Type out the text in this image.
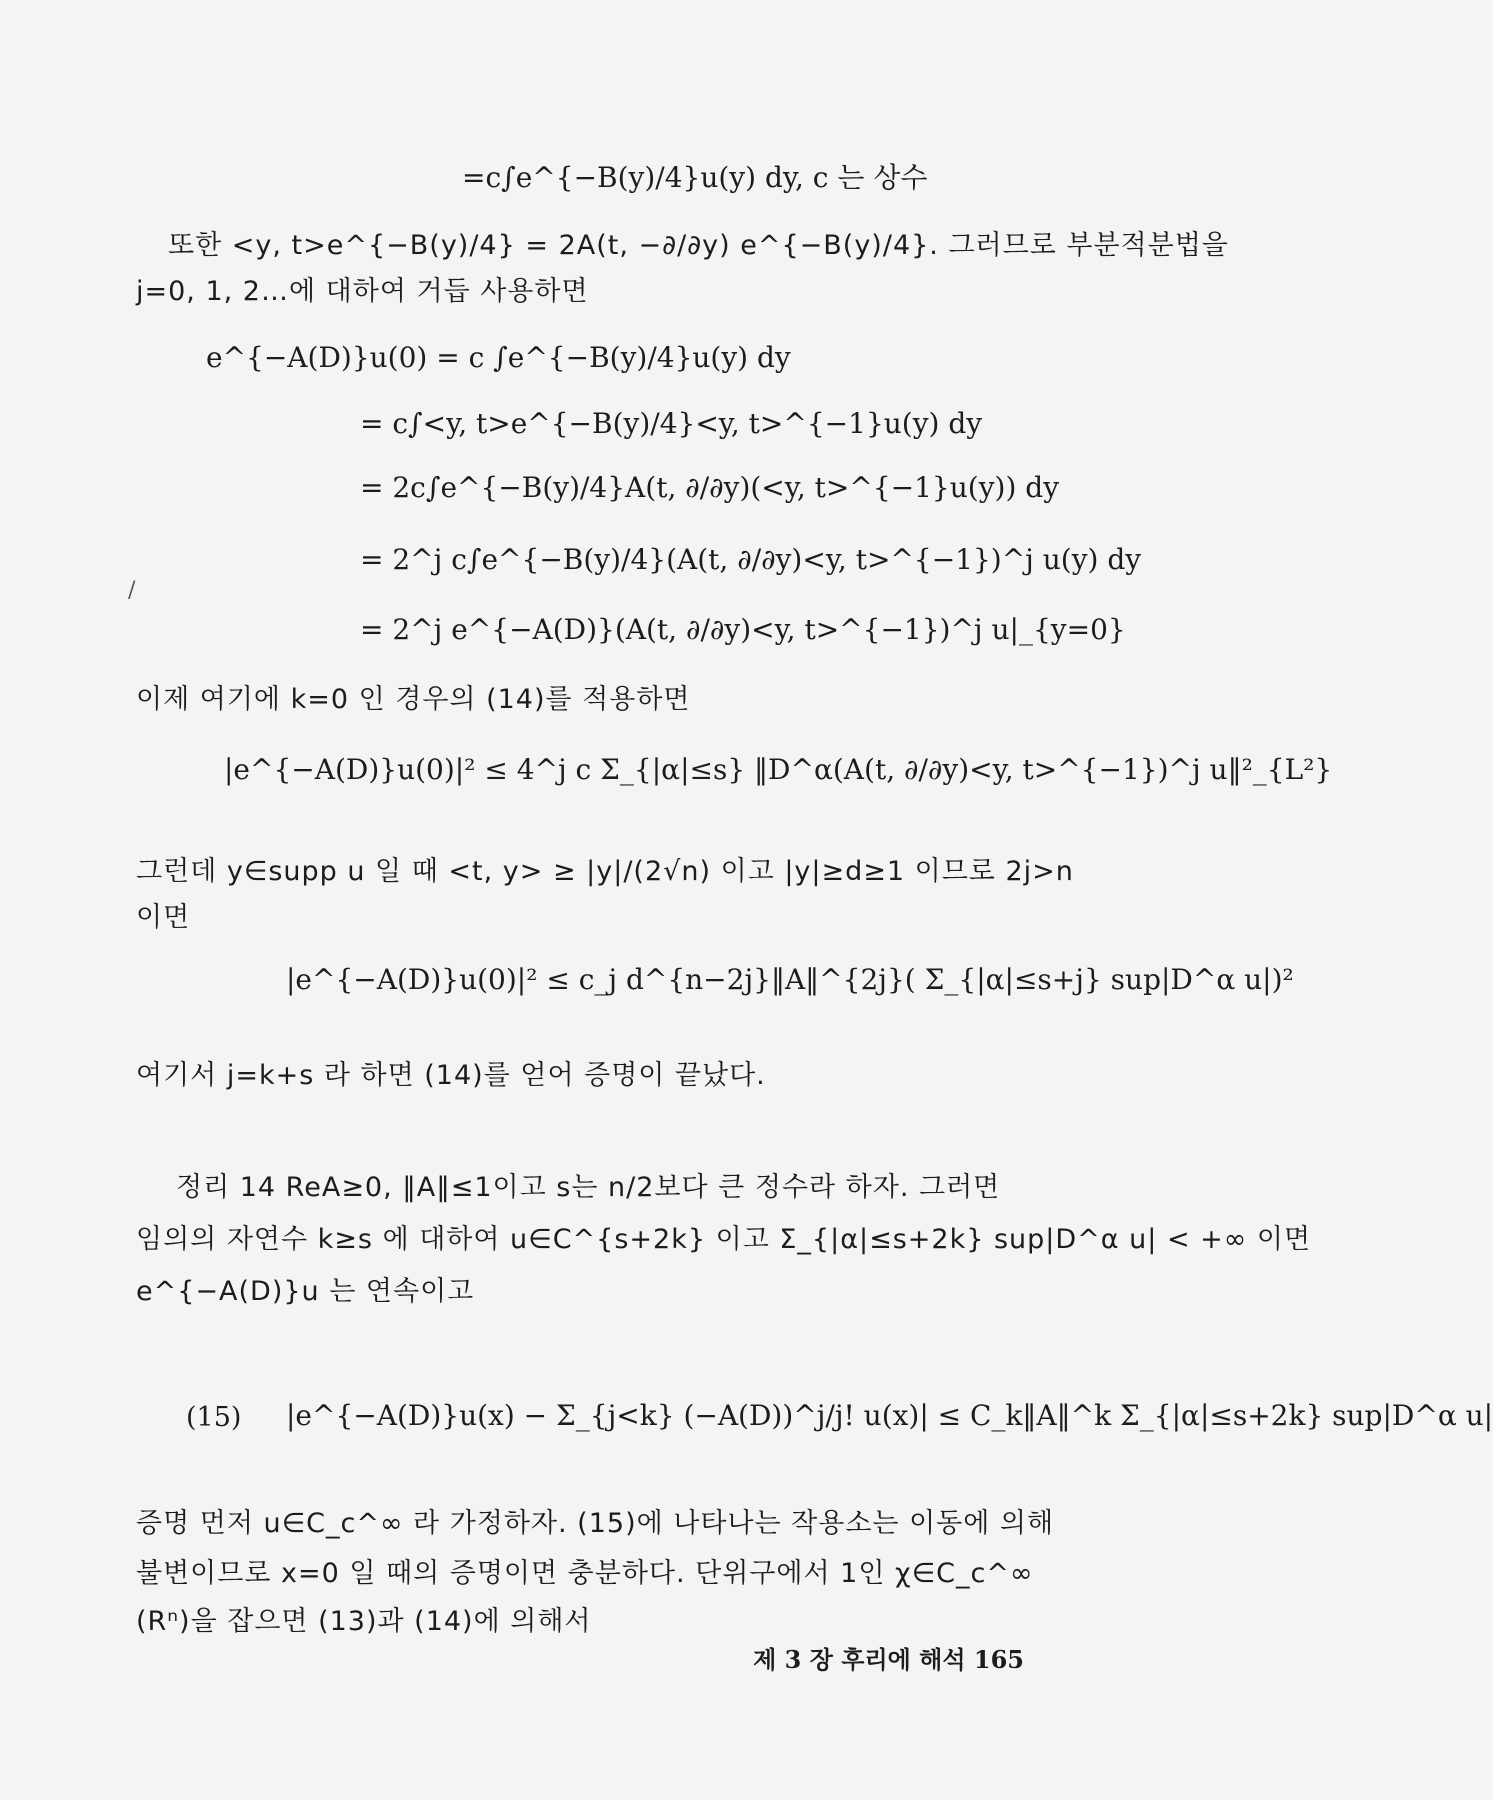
=c∫e^{−B(y)/4}u(y) dy, c 는 상수
또한 <y, t>e^{−B(y)/4} = 2A(t, −∂/∂y) e^{−B(y)/4}. 그러므로 부분적분법을
j=0, 1, 2…에 대하여 거듭 사용하면
e^{−A(D)}u(0) = c ∫e^{−B(y)/4}u(y) dy
= c∫<y, t>e^{−B(y)/4}<y, t>^{−1}u(y) dy
= 2c∫e^{−B(y)/4}A(t, ∂/∂y)(<y, t>^{−1}u(y)) dy
= 2^j c∫e^{−B(y)/4}(A(t, ∂/∂y)<y, t>^{−1})^j u(y) dy
= 2^j e^{−A(D)}(A(t, ∂/∂y)<y, t>^{−1})^j u|_{y=0}
/
이제 여기에 k=0 인 경우의 (14)를 적용하면
|e^{−A(D)}u(0)|² ≤ 4^j c Σ_{|α|≤s} ‖D^α(A(t, ∂/∂y)<y, t>^{−1})^j u‖²_{L²}
그런데 y∈supp u 일 때 <t, y> ≥ |y|/(2√n) 이고 |y|≥d≥1 이므로 2j>n
이면
|e^{−A(D)}u(0)|² ≤ c_j d^{n−2j}‖A‖^{2j}( Σ_{|α|≤s+j} sup|D^α u|)²
여기서 j=k+s 라 하면 (14)를 얻어 증명이 끝났다.
정리 14 ReA≥0, ‖A‖≤1이고 s는 n/2보다 큰 정수라 하자. 그러면
임의의 자연수 k≥s 에 대하여 u∈C^{s+2k} 이고 Σ_{|α|≤s+2k} sup|D^α u| < +∞ 이면
e^{−A(D)}u 는 연속이고
(15) |e^{−A(D)}u(x) − Σ_{j<k} (−A(D))^j/j! u(x)| ≤ C_k‖A‖^k Σ_{|α|≤s+2k} sup|D^α u|
증명 먼저 u∈C_c^∞ 라 가정하자. (15)에 나타나는 작용소는 이동에 의해
불변이므로 x=0 일 때의 증명이면 충분하다. 단위구에서 1인 χ∈C_c^∞
(Rⁿ)을 잡으면 (13)과 (14)에 의해서
제 3 장 후리에 해석 165
